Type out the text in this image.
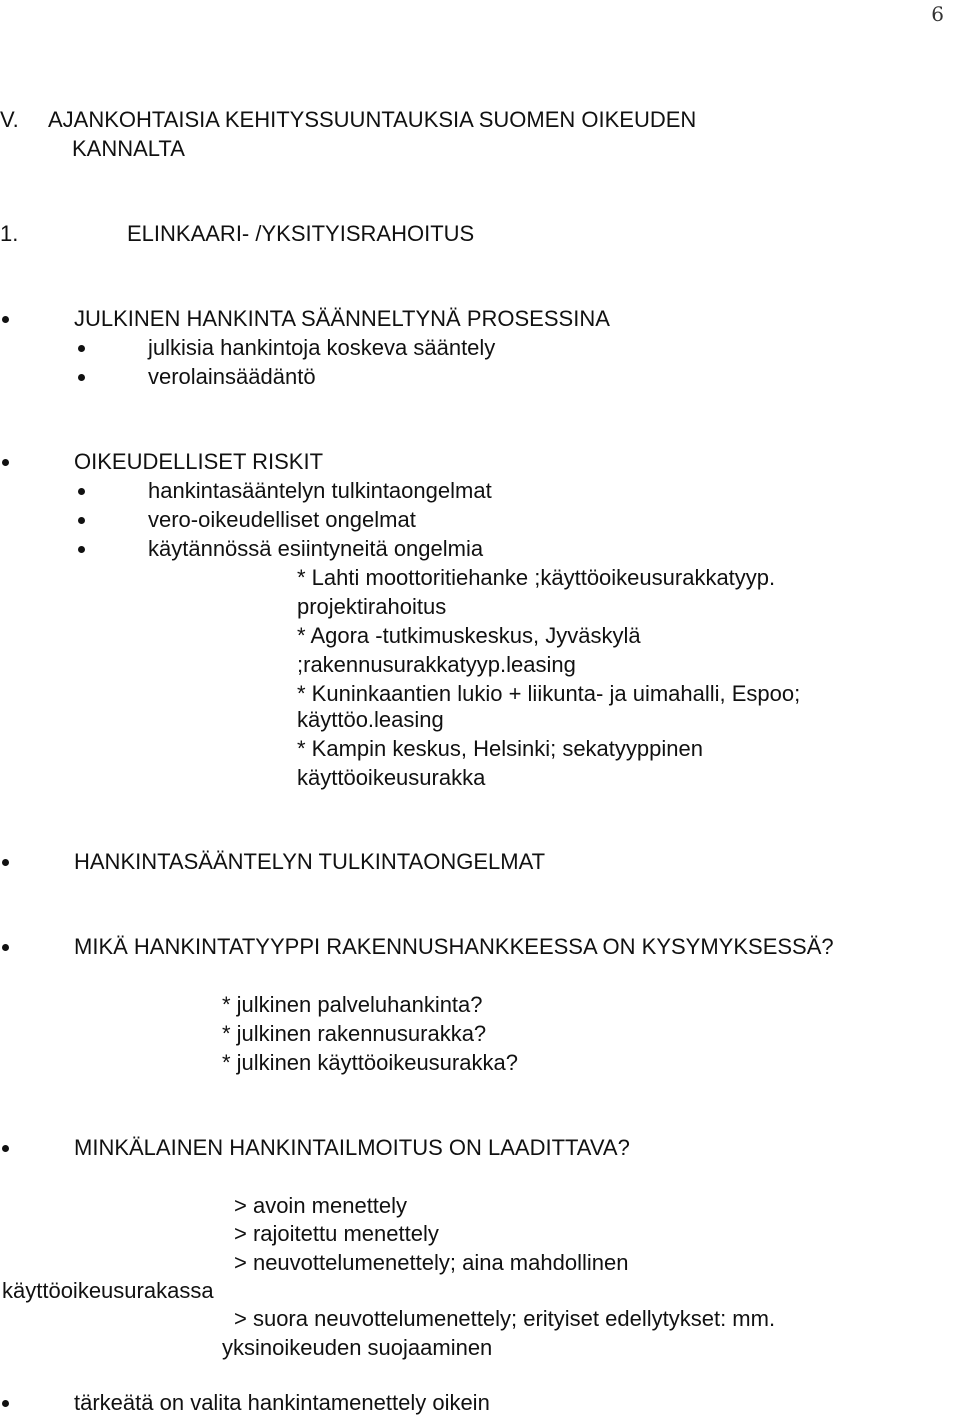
6
V. AJANKOHTAISIA KEHITYSSUUNTAUKSIA SUOMEN OIKEUDEN
KANNALTA
1.	ELINKAARI- /YKSITYISRAHOITUS
JULKINEN HANKINTA SÄÄNNELTYNÄ PROSESSINA
julkisia hankintoja koskeva sääntely
verolainsäädäntö
OIKEUDELLISET RISKIT
hankintasääntelyn tulkintaongelmat
vero-oikeudelliset ongelmat
käytännössä esiintyneitä ongelmia
* Lahti moottoritiehanke ;käyttöoikeusurakkatyyp.
projektirahoitus
* Agora -tutkimuskeskus, Jyväskylä
;rakennusurakkatyyp.leasing
* Kuninkaantien lukio + liikunta- ja uimahalli, Espoo;
käyttöo.leasing
* Kampin keskus, Helsinki; sekatyyppinen
käyttöoikeusurakka
HANKINTASÄÄNTELYN TULKINTAONGELMAT
MIKÄ HANKINTATYYPPI RAKENNUSHANKKEESSA ON KYSYMYKSESSÄ?
* julkinen palveluhankinta?
* julkinen rakennusurakka?
* julkinen käyttöoikeusurakka?
MINKÄLAINEN HANKINTAILMOITUS ON LAADITTAVA?
> avoin menettely
> rajoitettu menettely
> neuvottelumenettely; aina mahdollinen
käyttöoikeusurakassa
> suora neuvottelumenettely; erityiset edellytykset: mm.
yksinoikeuden suojaaminen
tärkeätä on valita hankintamenettely oikein
